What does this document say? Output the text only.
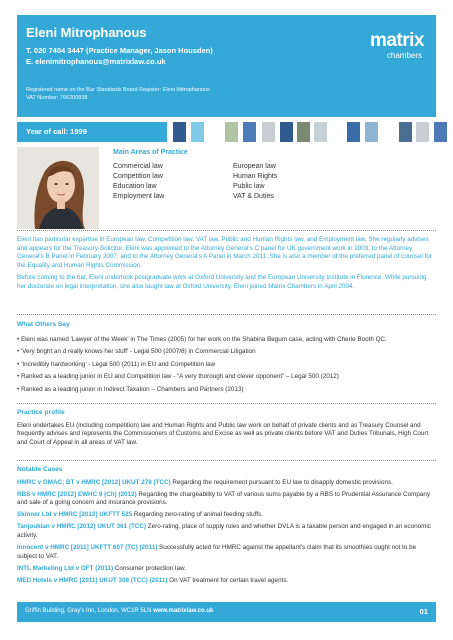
Eleni Mitrophanous
T. 020 7404 3447 (Practice Manager, Jason Housden)
E. elenimitrophanous@matrixlaw.co.uk
matrix
chambers
Registered name on the Bar Standards Board Register: Eleni Mitrophanous
VAT Number: 766200838
Year of call: 1999
Main Areas of Practice
Commercial law	European law
Competition law	Human Rights
Education law	Public law
Employment law	VAT & Duties

Eleni has particular expertise in European law, Competition law, VAT law, Public and Human Rights law, and Employment law. She regularly advises and appears for the Treasury-Solicitor. Eleni was appointed to the Attorney General's C panel for UK government work in 2003; to the Attorney General's B Panel in February 2007; and to the Attorney General's A Panel in March 2011. She is also a member of the preferred panel of counsel for the Equality and Human Rights Commission.

Before coming to the bar, Eleni undertook postgraduate work at Oxford University and the European University Institute in Florence. While pursuing her doctorate on legal interpretation, she also taught law at Oxford University. Eleni joined Matrix Chambers in April 2004.

What Others Say
• Eleni was named 'Lawyer of the Week' in The Times (2005) for her work on the Shabina Begum case, acting with Cherie Booth QC.
• 'Very bright an d really knows her stuff' - Legal 500 (2007/8) in Commercial Litigation
• ‘Incredibly hardworking’ - Legal 500 (2011) in EU and Competition law
• Ranked as a leading junior in EU and Competition law - “A very thorough and clever opponent” – Legal 500 (2012)
• Ranked as a leading junior in Indirect Taxation – Chambers and Partners (2013)
Practice profile

Eleni undertakes EU (including competition) law and Human Rights and Public law work on behalf of private clients and as Treasury Counsel and frequently advises and represents the Commissioners of Customs and Excise as well as private clients before VAT and Duties Tribunals, High Court and Court of Appeal in all areas of VAT law.

Notable Cases
HMRC v GMAC; BT v HMRC [2012] UKUT 278 (TCC) Regarding the requirement pursuant to EU law to disapply domestic provisions.
RBS v HMRC [2012] EWHC 9 (Ch) (2012) Regarding the chargeability to VAT of various sums payable by a RBS to Prudential Assurance Company and sale of a going concern and insurance provisions.
Skinner Ltd v HMRC [2012] UKFTT 525 Regarding zero-rating of animal feeding stuffs.
Tanjoukian v HMRC [2012] UKUT 361 (TCC) Zero-rating, place of supply rules and whether DVLA is a taxable person and engaged in an economic activity.
Innocent v HMRC [2011] UKFTT 607 (TC) (2011) Successfully acted for HMRC against the appellant's claim that its smoothies ought not to be subject to VAT.
INTL Marketing Ltd v OFT (2011) Consumer protection law.
MED Hotels v HMRC [2011] UKUT 308 (TCC) (2011) On VAT treatment for certain travel agents.
Griffin Building, Gray's Inn, London, WC1R 5LN www.matrixlaw.co.uk	01
